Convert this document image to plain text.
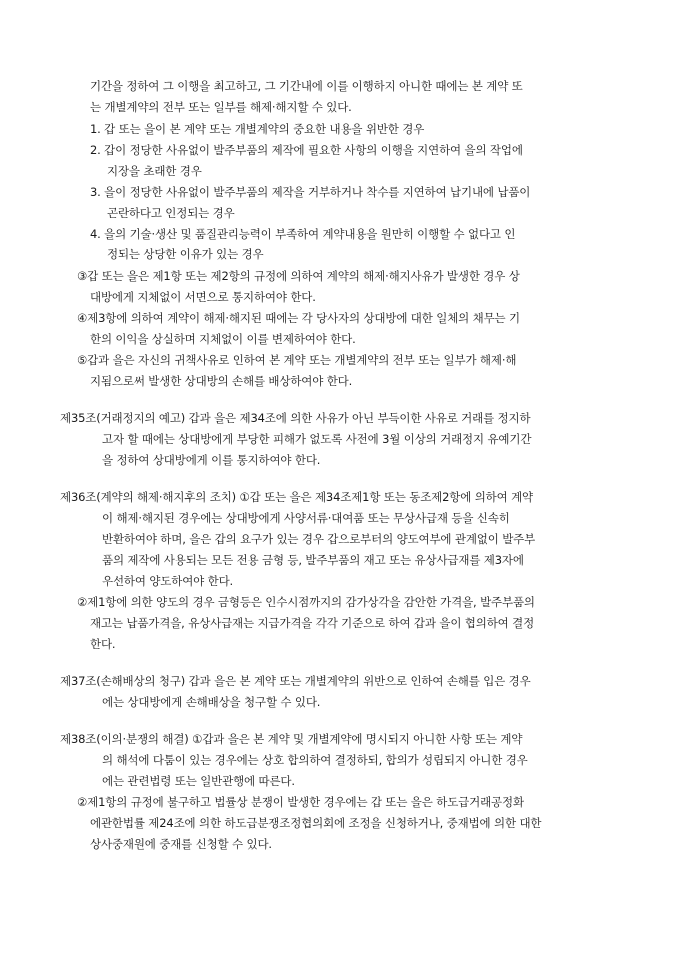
기간을 정하여 그 이행을 최고하고, 그 기간내에 이를 이행하지 아니한 때에는 본 계약 또
는 개별계약의 전부 또는 일부를 해제·해지할 수 있다.
1. 갑 또는 을이 본 계약 또는 개별계약의 중요한 내용을 위반한 경우
2. 갑이 정당한 사유없이 발주부품의 제작에 필요한 사항의 이행을 지연하여 을의 작업에
지장을 초래한 경우
3. 을이 정당한 사유없이 발주부품의 제작을 거부하거나 착수를 지연하여 납기내에 납품이
곤란하다고 인정되는 경우
4. 을의 기술·생산 및 품질관리능력이 부족하여 계약내용을 원만히 이행할 수 없다고 인
정되는 상당한 이유가 있는 경우
③갑 또는 을은 제1항 또는 제2항의 규정에 의하여 계약의 해제·해지사유가 발생한 경우 상
대방에게 지체없이 서면으로 통지하여야 한다.
④제3항에 의하여 계약이 해제·해지된 때에는 각 당사자의 상대방에 대한 일체의 채무는 기
한의 이익을 상실하며 지체없이 이를 변제하여야 한다.
⑤갑과 을은 자신의 귀책사유로 인하여 본 계약 또는 개별계약의 전부 또는 일부가 해제·해
지됨으로써 발생한 상대방의 손해를 배상하여야 한다.
제35조(거래정지의 예고) 갑과 을은 제34조에 의한 사유가 아닌 부득이한 사유로 거래를 정지하
고자 할 때에는 상대방에게 부당한 피해가 없도록 사전에 3월 이상의 거래정지 유예기간
을 정하여 상대방에게 이를 통지하여야 한다.
제36조(계약의 해제·해지후의 조치) ①갑 또는 을은 제34조제1항 또는 동조제2항에 의하여 계약
이 해제·해지된 경우에는 상대방에게 사양서류·대여품 또는 무상사급재 등을 신속히
반환하여야 하며, 을은 갑의 요구가 있는 경우 갑으로부터의 양도여부에 관계없이 발주부
품의 제작에 사용되는 모든 전용 금형 등, 발주부품의 재고 또는 유상사급재를 제3자에
우선하여 양도하여야 한다.
②제1항에 의한 양도의 경우 금형등은 인수시점까지의 감가상각을 감안한 가격을, 발주부품의
재고는 납품가격을, 유상사급재는 지급가격을 각각 기준으로 하여 갑과 을이 협의하여 결정
한다.
제37조(손해배상의 청구) 갑과 을은 본 계약 또는 개별계약의 위반으로 인하여 손해를 입은 경우
에는 상대방에게 손해배상을 청구할 수 있다.
제38조(이의·분쟁의 해결) ①갑과 을은 본 계약 및 개별계약에 명시되지 아니한 사항 또는 계약
의 해석에 다툼이 있는 경우에는 상호 합의하여 결정하되, 합의가 성립되지 아니한 경우
에는 관련법령 또는 일반관행에 따른다.
②제1항의 규정에 불구하고 법률상 분쟁이 발생한 경우에는 갑 또는 을은 하도급거래공정화
에관한법률 제24조에 의한 하도급분쟁조정협의회에 조정을 신청하거나, 중재법에 의한 대한
상사중재원에 중재를 신청할 수 있다.
